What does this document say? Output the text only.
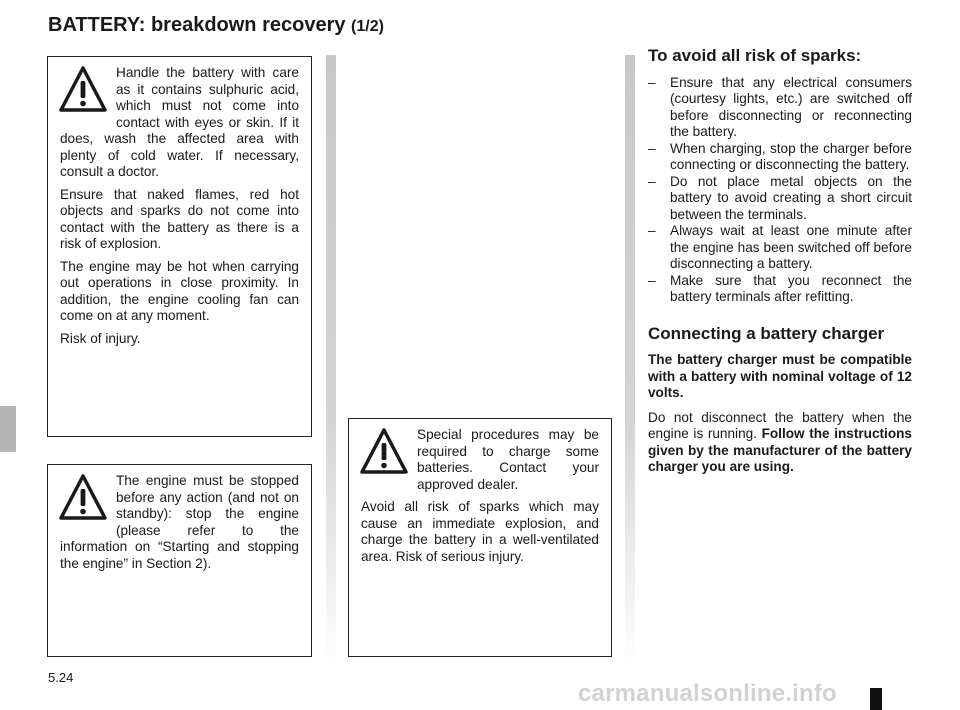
BATTERY: breakdown recovery (1/2)

Handle the battery with care as it contains sulphuric acid, which must not come into contact with eyes or skin. If it does, wash the affected area with plenty of cold water. If necessary, consult a doctor.

Ensure that naked flames, red hot objects and sparks do not come into contact with the battery as there is a risk of explosion.

The engine may be hot when carrying out operations in close proximity. In addition, the engine cooling fan can come on at any moment.

Risk of injury.

The engine must be stopped before any action (and not on standby): stop the engine (please refer to the information on “Starting and stopping the engine” in Section 2).

Special procedures may be required to charge some batteries. Contact your approved dealer.

Avoid all risk of sparks which may cause an immediate explosion, and charge the battery in a well-ventilated area. Risk of serious injury.

To avoid all risk of sparks:
– Ensure that any electrical consumers (courtesy lights, etc.) are switched off before disconnecting or reconnecting the battery.
– When charging, stop the charger before connecting or disconnecting the battery.
– Do not place metal objects on the battery to avoid creating a short circuit between the terminals.
– Always wait at least one minute after the engine has been switched off before disconnecting a battery.
– Make sure that you reconnect the battery terminals after refitting.
Connecting a battery charger

The battery charger must be compatible with a battery with nominal voltage of 12 volts.

Do not disconnect the battery when the engine is running. Follow the instructions given by the manufacturer of the battery charger you are using.

5.24
carmanualsonline.info
